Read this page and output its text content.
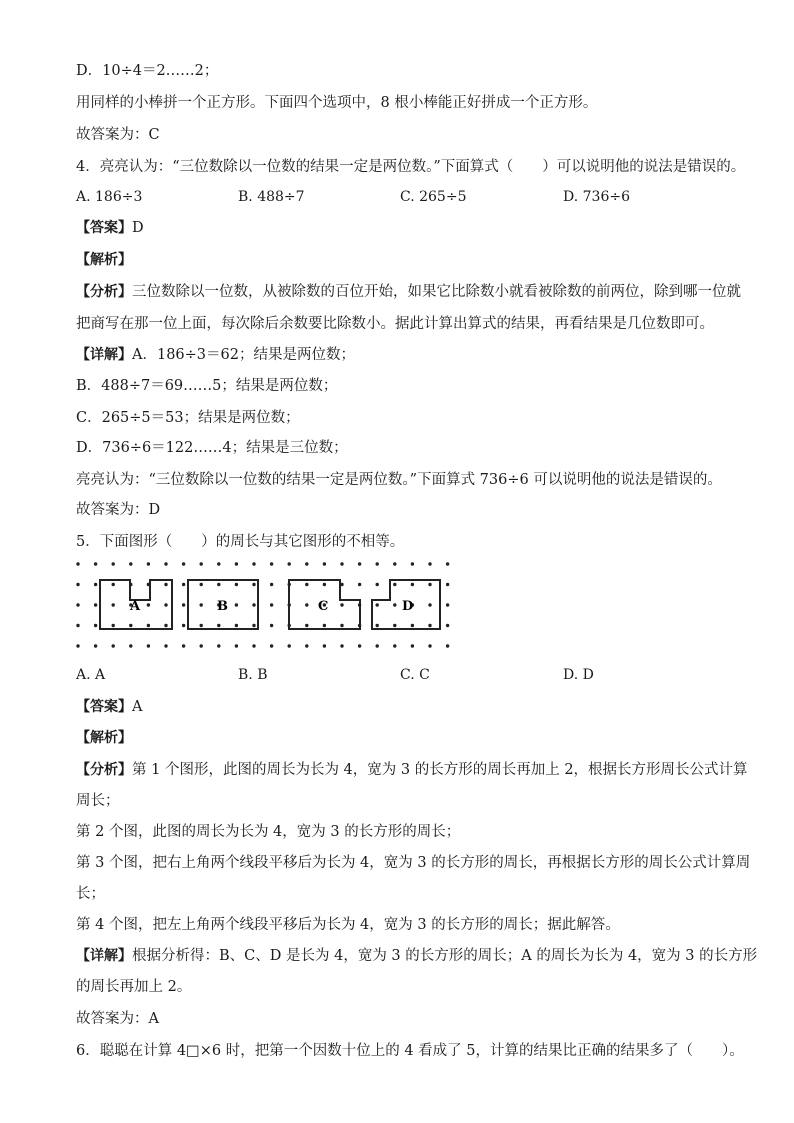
D．10÷4＝2……2；
用同样的小棒拼一个正方形。下面四个选项中，8 根小棒能正好拼成一个正方形。
故答案为：C
4．亮亮认为：“三位数除以一位数的结果一定是两位数。”下面算式（　　）可以说明他的说法是错误的。
A. 186÷3	B. 488÷7	C. 265÷5	D. 736÷6
【答案】D
【解析】
【分析】三位数除以一位数，从被除数的百位开始，如果它比除数小就看被除数的前两位，除到哪一位就
把商写在那一位上面，每次除后余数要比除数小。据此计算出算式的结果，再看结果是几位数即可。
【详解】A．186÷3＝62；结果是两位数；
B．488÷7＝69……5；结果是两位数；
C．265÷5＝53；结果是两位数；
D．736÷6＝122……4；结果是三位数；
亮亮认为：“三位数除以一位数的结果一定是两位数。”下面算式 736÷6 可以说明他的说法是错误的。
故答案为：D
5．下面图形（　　）的周长与其它图形的不相等。
A	B	C	D
A. A	B. B	C. C	D. D
【答案】A
【解析】
【分析】第 1 个图形，此图的周长为长为 4，宽为 3 的长方形的周长再加上 2，根据长方形周长公式计算
周长；
第 2 个图，此图的周长为长为 4，宽为 3 的长方形的周长；
第 3 个图，把右上角两个线段平移后为长为 4，宽为 3 的长方形的周长，再根据长方形的周长公式计算周
长；
第 4 个图，把左上角两个线段平移后为长为 4，宽为 3 的长方形的周长；据此解答。
【详解】根据分析得：B、C、D 是长为 4，宽为 3 的长方形的周长；A 的周长为长为 4，宽为 3 的长方形
的周长再加上 2。
故答案为：A
6．聪聪在计算 4□×6 时，把第一个因数十位上的 4 看成了 5，计算的结果比正确的结果多了（　　）。
